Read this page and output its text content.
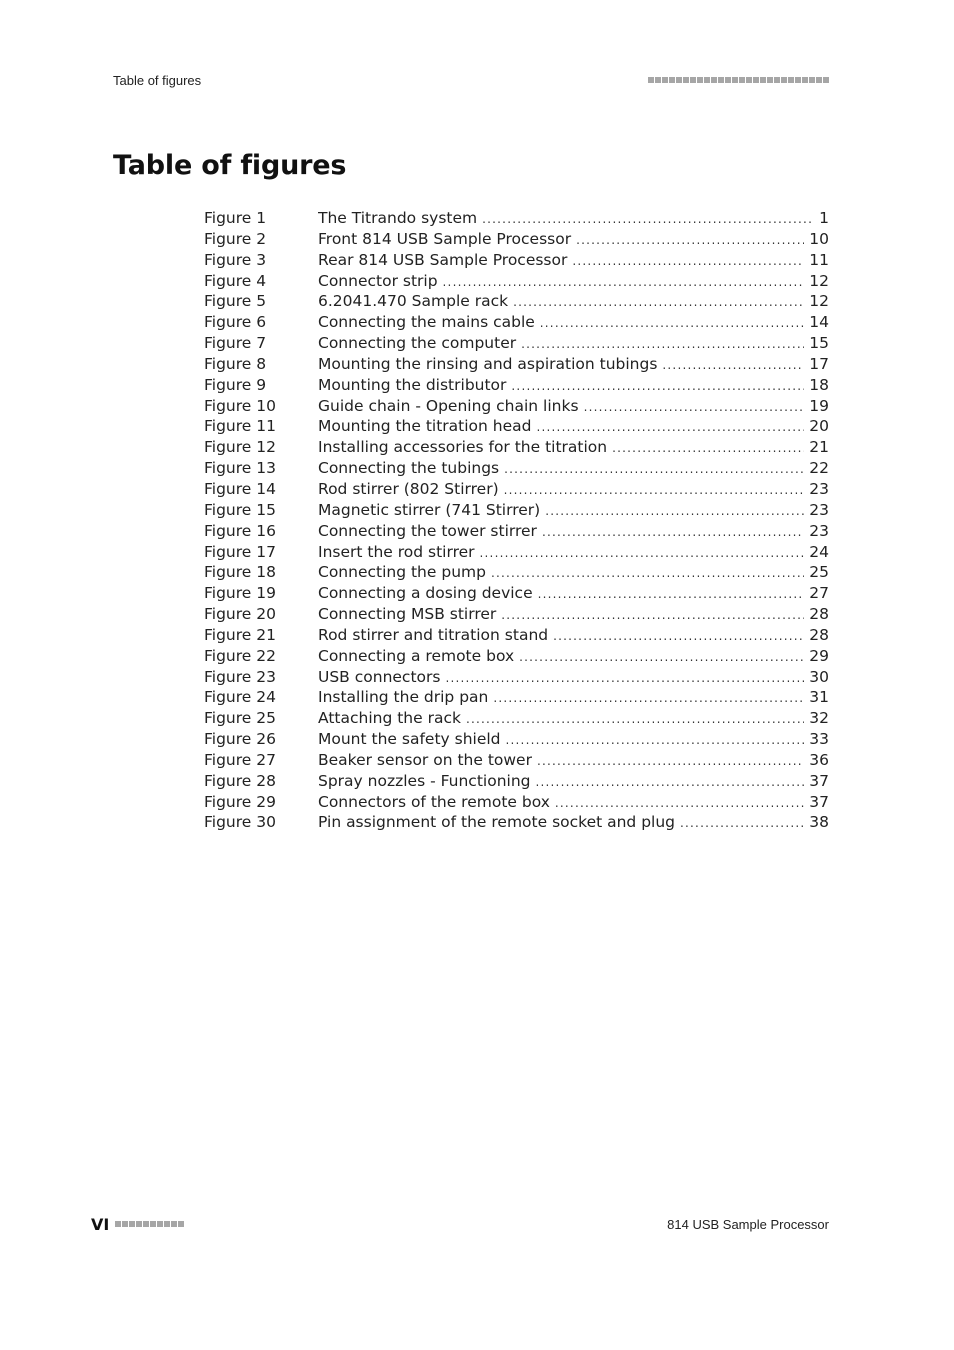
Table of figures
Table of figures
Figure 1	The Titrando system .....	1
Figure 2	Front 814 USB Sample Processor .....	10
Figure 3	Rear 814 USB Sample Processor .....	11
Figure 4	Connector strip .....	12
Figure 5	6.2041.470 Sample rack .....	12
Figure 6	Connecting the mains cable .....	14
Figure 7	Connecting the computer .....	15
Figure 8	Mounting the rinsing and aspiration tubings .....	17
Figure 9	Mounting the distributor .....	18
Figure 10	Guide chain - Opening chain links .....	19
Figure 11	Mounting the titration head .....	20
Figure 12	Installing accessories for the titration .....	21
Figure 13	Connecting the tubings .....	22
Figure 14	Rod stirrer (802 Stirrer) .....	23
Figure 15	Magnetic stirrer (741 Stirrer) .....	23
Figure 16	Connecting the tower stirrer .....	23
Figure 17	Insert the rod stirrer .....	24
Figure 18	Connecting the pump .....	25
Figure 19	Connecting a dosing device .....	27
Figure 20	Connecting MSB stirrer .....	28
Figure 21	Rod stirrer and titration stand .....	28
Figure 22	Connecting a remote box .....	29
Figure 23	USB connectors .....	30
Figure 24	Installing the drip pan .....	31
Figure 25	Attaching the rack .....	32
Figure 26	Mount the safety shield .....	33
Figure 27	Beaker sensor on the tower .....	36
Figure 28	Spray nozzles - Functioning .....	37
Figure 29	Connectors of the remote box .....	37
Figure 30	Pin assignment of the remote socket and plug .....	38
VI	814 USB Sample Processor
